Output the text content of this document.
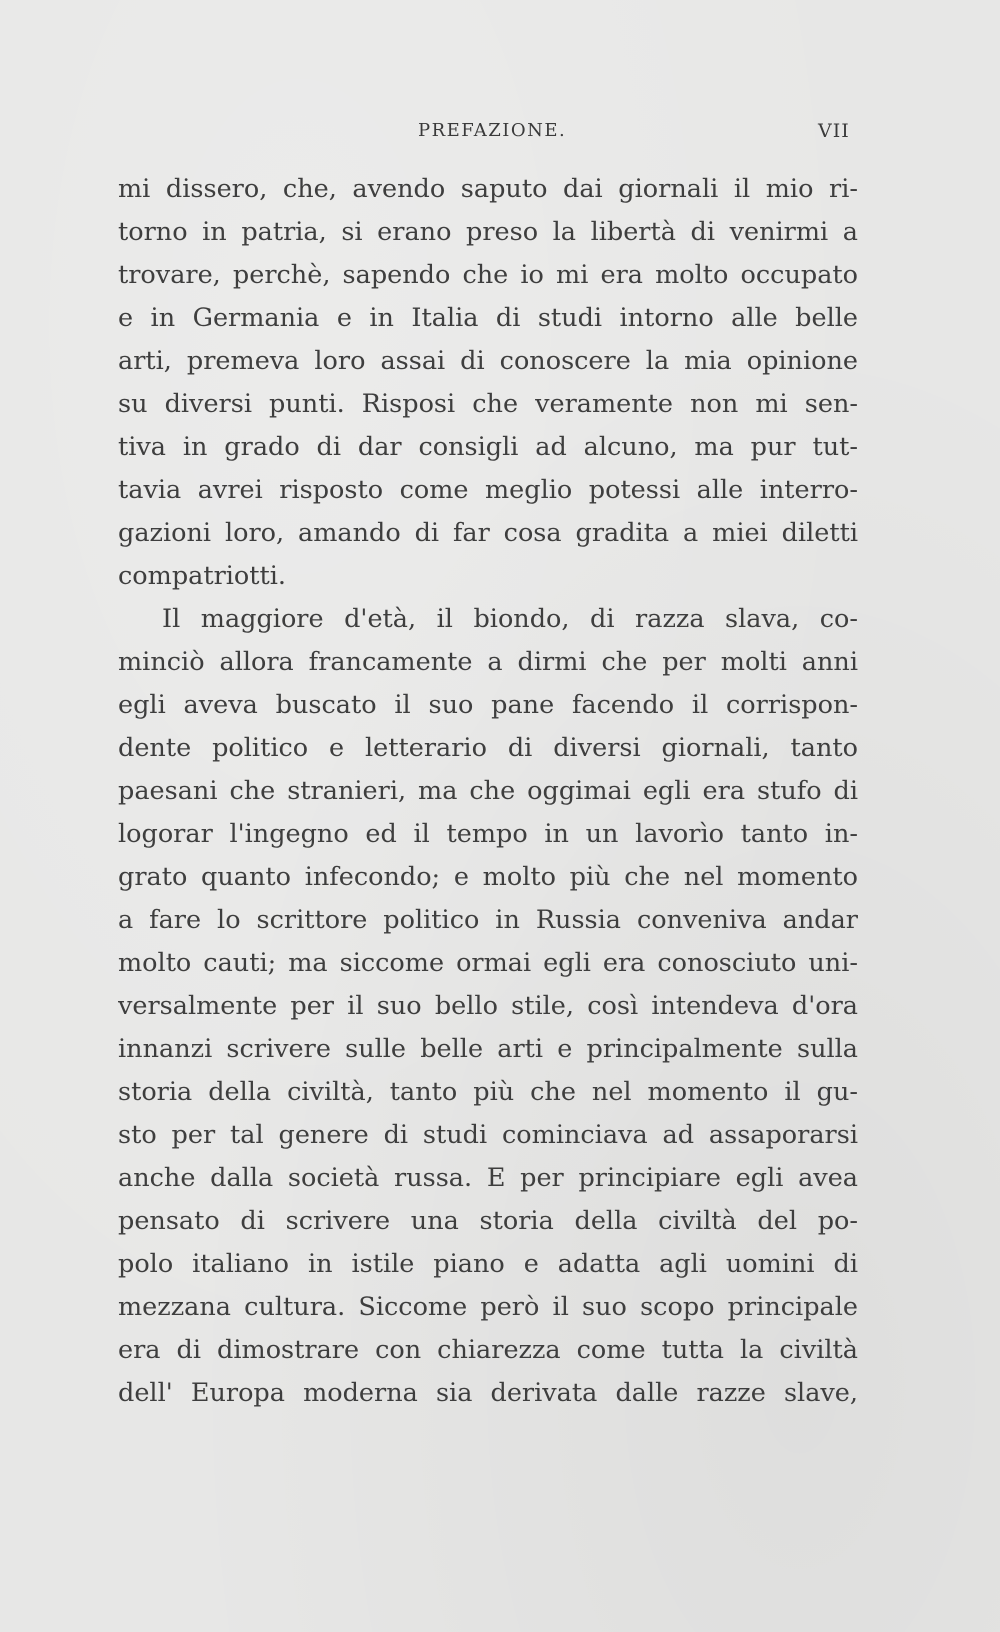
PREFAZIONE.	VII
mi dissero, che, avendo saputo dai giornali il mio ri-
torno in patria, si erano preso la libertà di venirmi a
trovare, perchè, sapendo che io mi era molto occupato
e in Germania e in Italia di studi intorno alle belle
arti, premeva loro assai di conoscere la mia opinione
su diversi punti. Risposi che veramente non mi sen-
tiva in grado di dar consigli ad alcuno, ma pur tut-
tavia avrei risposto come meglio potessi alle interro-
gazioni loro, amando di far cosa gradita a miei diletti
compatriotti.
Il maggiore d'età, il biondo, di razza slava, co-
minciò allora francamente a dirmi che per molti anni
egli aveva buscato il suo pane facendo il corrispon-
dente politico e letterario di diversi giornali, tanto
paesani che stranieri, ma che oggimai egli era stufo di
logorar l'ingegno ed il tempo in un lavorìo tanto in-
grato quanto infecondo; e molto più che nel momento
a fare lo scrittore politico in Russia conveniva andar
molto cauti; ma siccome ormai egli era conosciuto uni-
versalmente per il suo bello stile, così intendeva d'ora
innanzi scrivere sulle belle arti e principalmente sulla
storia della civiltà, tanto più che nel momento il gu-
sto per tal genere di studi cominciava ad assaporarsi
anche dalla società russa. E per principiare egli avea
pensato di scrivere una storia della civiltà del po-
polo italiano in istile piano e adatta agli uomini di
mezzana cultura. Siccome però il suo scopo principale
era di dimostrare con chiarezza come tutta la civiltà
dell' Europa moderna sia derivata dalle razze slave,
